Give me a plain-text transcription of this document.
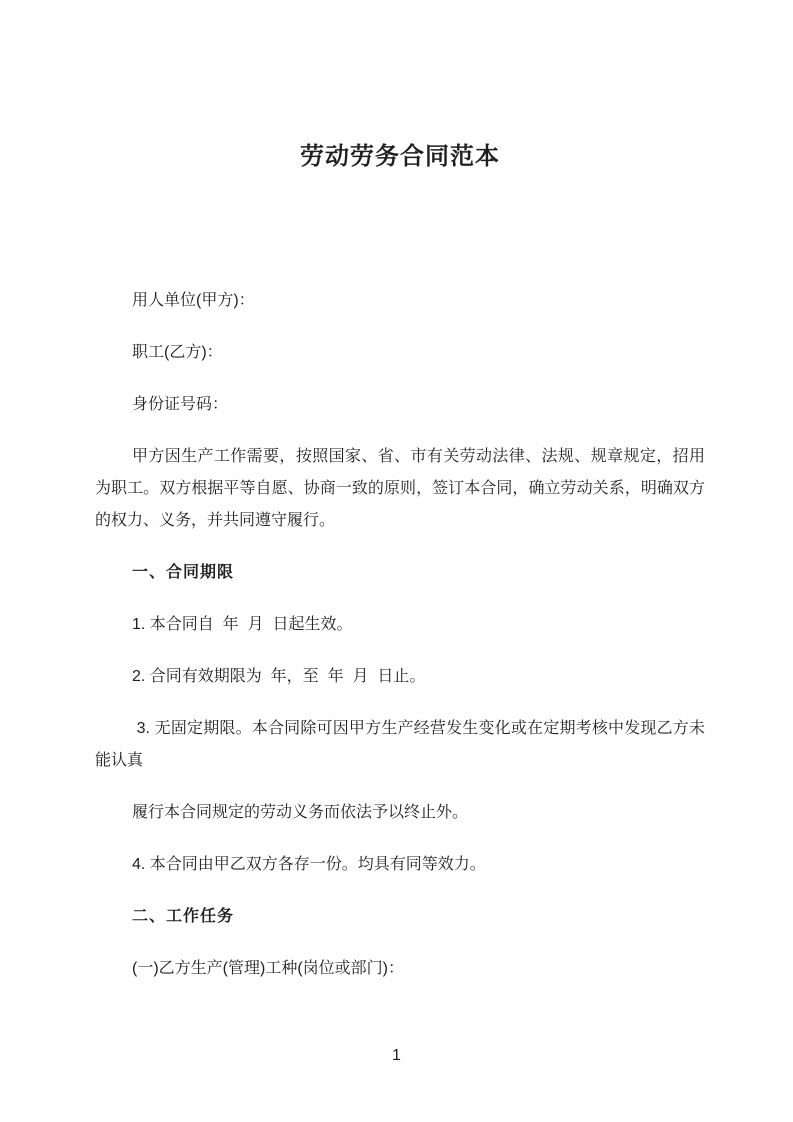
劳动劳务合同范本

用人单位(甲方)：

职工(乙方)：

身份证号码：

甲方因生产工作需要，按照国家、省、市有关劳动法律、法规、规章规定，招用 为职工。双方根据平等自愿、协商一致的原则，签订本合同，确立劳动关系，明确双方的权力、义务，并共同遵守履行。

一、合同期限

1. 本合同自  年  月  日起生效。

2. 合同有效期限为  年，至  年  月  日止。

3. 无固定期限。本合同除可因甲方生产经营发生变化或在定期考核中发现乙方未能认真

履行本合同规定的劳动义务而依法予以终止外。

4. 本合同由甲乙双方各存一份。均具有同等效力。

二、工作任务

(一)乙方生产(管理)工种(岗位或部门)：

1
